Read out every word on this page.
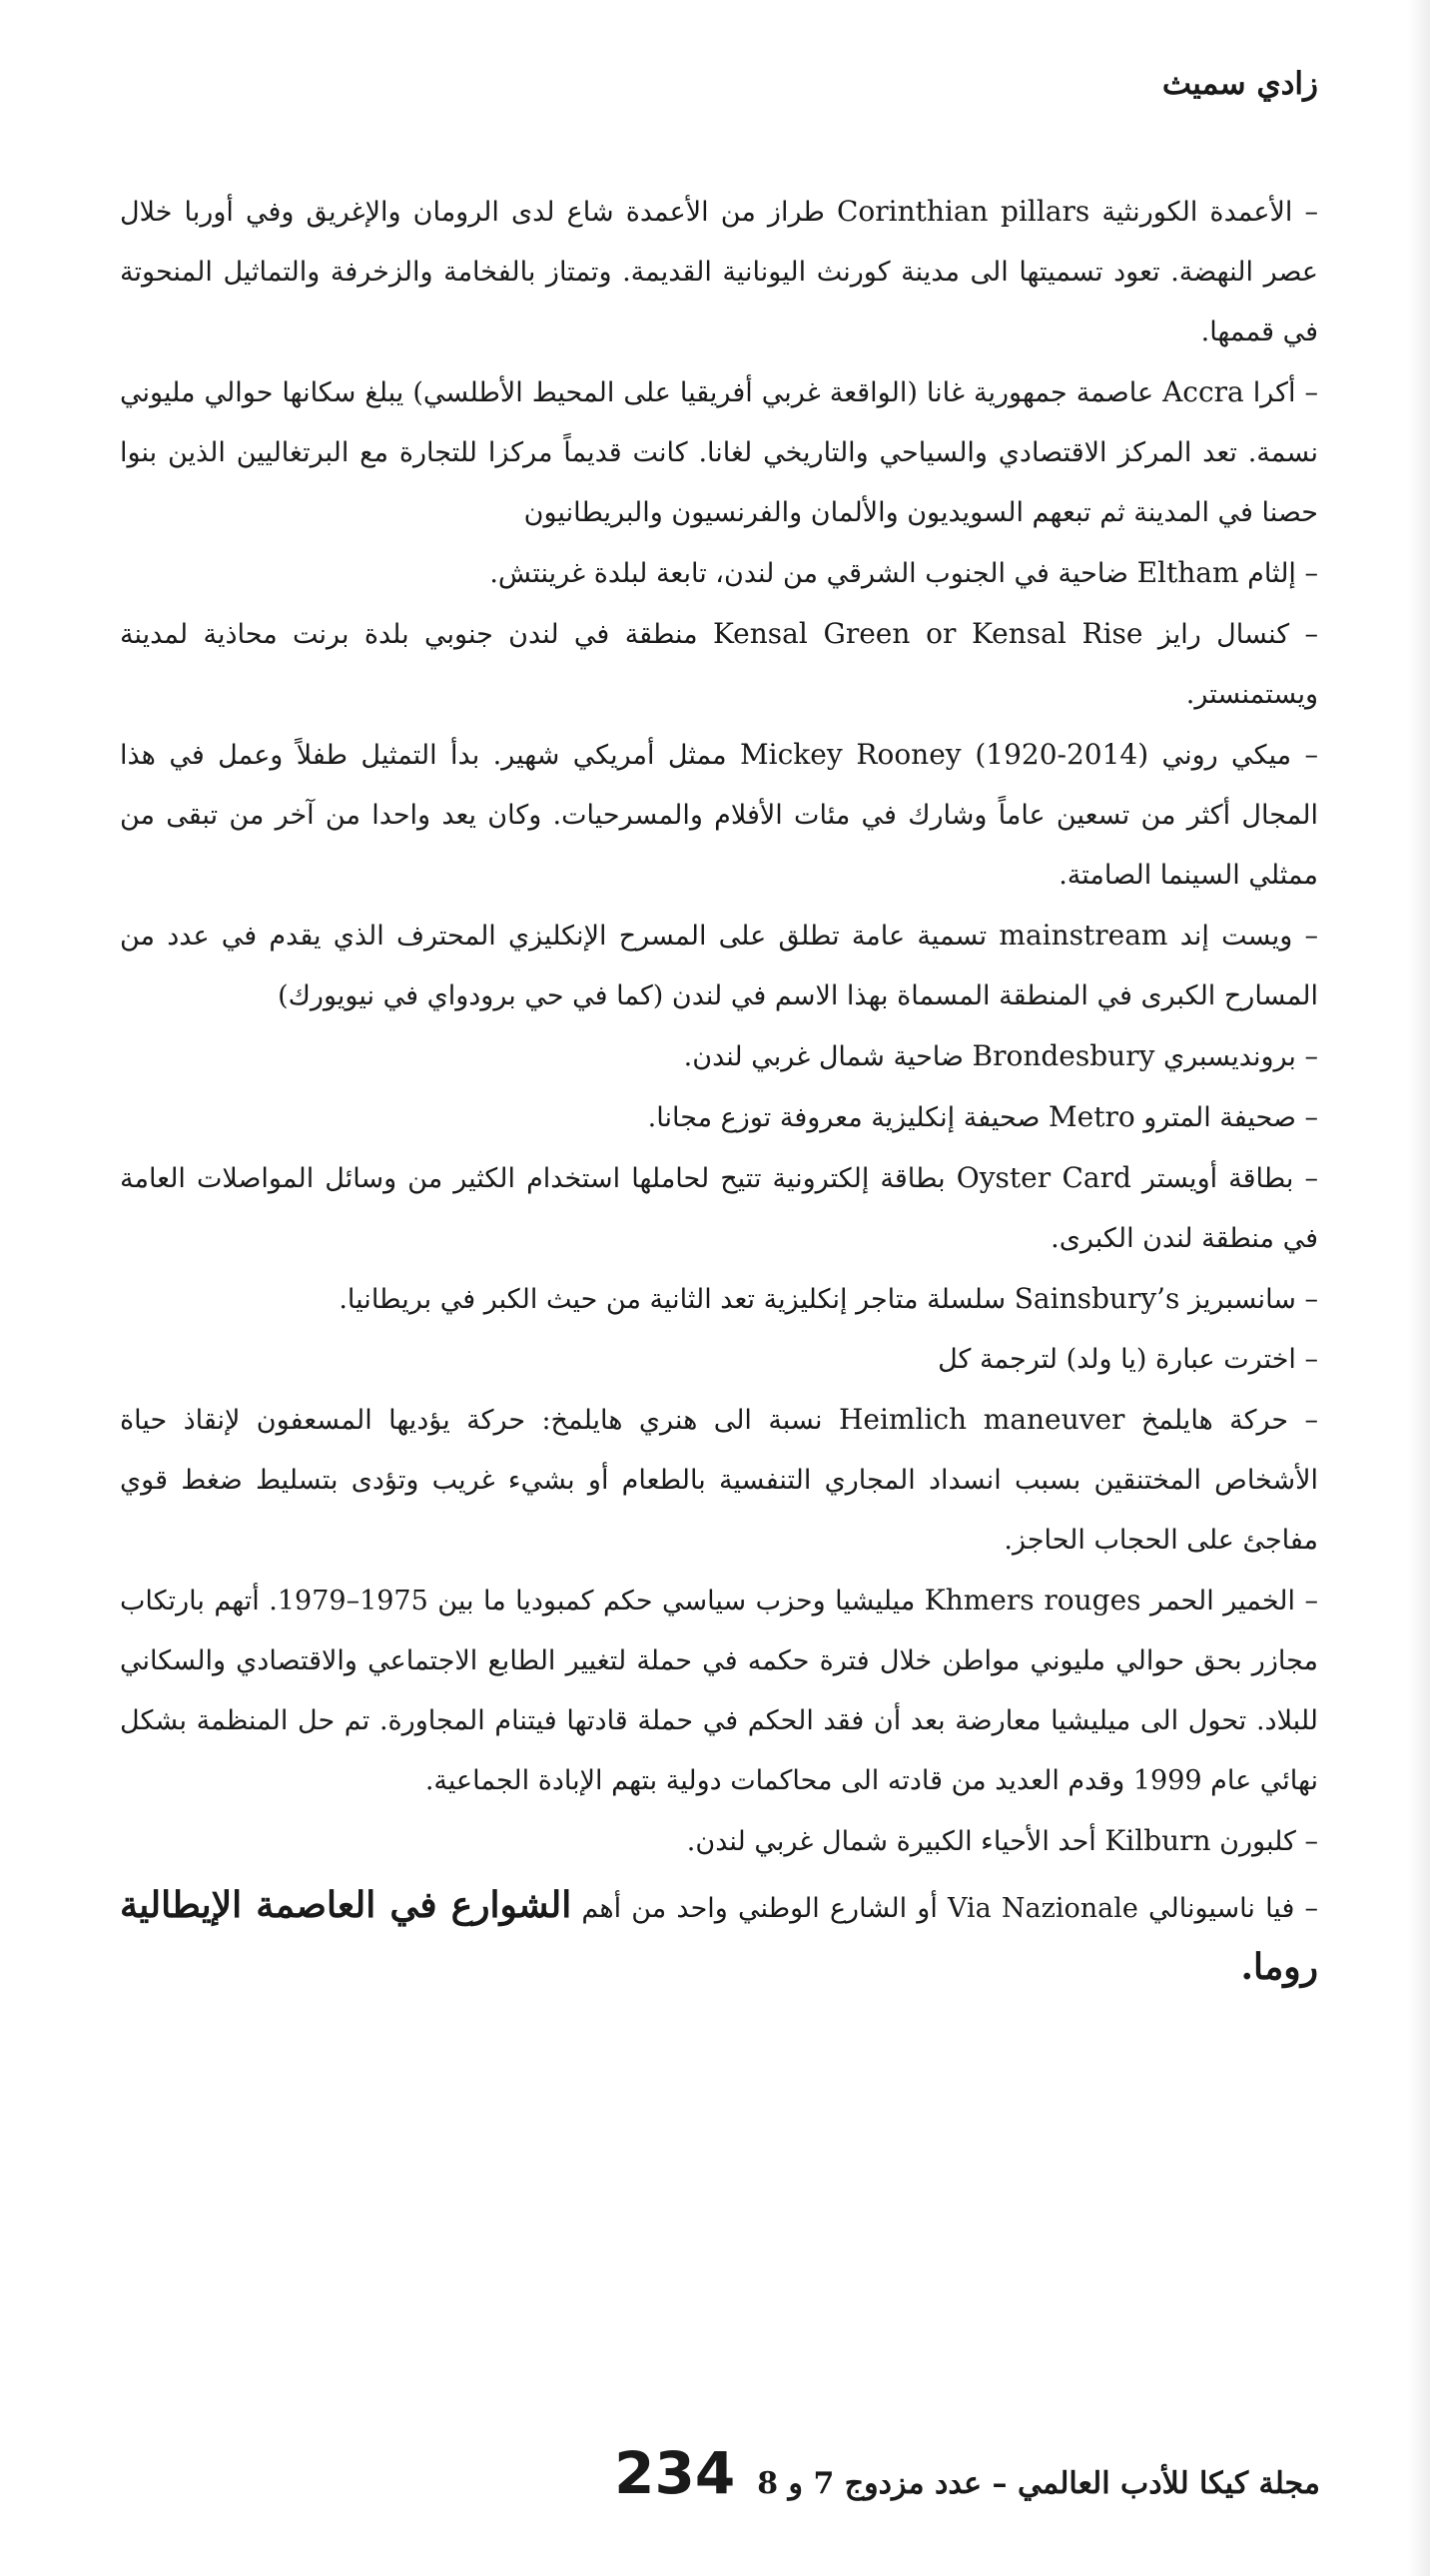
زادي سميث

– الأعمدة الكورنثية Corinthian pillars طراز من الأعمدة شاع لدى الرومان والإغريق وفي أوربا خلال عصر النهضة. تعود تسميتها الى مدينة كورنث اليونانية القديمة. وتمتاز بالفخامة والزخرفة والتماثيل المنحوتة في قممها.

– أكرا Accra عاصمة جمهورية غانا (الواقعة غربي أفريقيا على المحيط الأطلسي) يبلغ سكانها حوالي مليوني نسمة. تعد المركز الاقتصادي والسياحي والتاريخي لغانا. كانت قديماً مركزا للتجارة مع البرتغاليين الذين بنوا حصنا في المدينة ثم تبعهم السويديون والألمان والفرنسيون والبريطانيون

– إلثام Eltham ضاحية في الجنوب الشرقي من لندن، تابعة لبلدة غرينتش.

– كنسال رايز Kensal Green or Kensal Rise منطقة في لندن جنوبي بلدة برنت محاذية لمدينة ويستمنستر.

– ميكي روني Mickey Rooney (1920-2014) ممثل أمريكي شهير. بدأ التمثيل طفلاً وعمل في هذا المجال أكثر من تسعين عاماً وشارك في مئات الأفلام والمسرحيات. وكان يعد واحدا من آخر من تبقى من ممثلي السينما الصامتة.

– ويست إند mainstream تسمية عامة تطلق على المسرح الإنكليزي المحترف الذي يقدم في عدد من المسارح الكبرى في المنطقة المسماة بهذا الاسم في لندن (كما في حي برودواي في نيويورك)

– برونديسبري Brondesbury ضاحية شمال غربي لندن.

– صحيفة المترو Metro صحيفة إنكليزية معروفة توزع مجانا.

– بطاقة أويستر Oyster Card بطاقة إلكترونية تتيح لحاملها استخدام الكثير من وسائل المواصلات العامة في منطقة لندن الكبرى.

– سانسبريز Sainsbury’s سلسلة متاجر إنكليزية تعد الثانية من حيث الكبر في بريطانيا.

– اخترت عبارة (يا ولد) لترجمة كل

– حركة هايلمخ Heimlich maneuver نسبة الى هنري هايلمخ: حركة يؤديها المسعفون لإنقاذ حياة الأشخاص المختنقين بسبب انسداد المجاري التنفسية بالطعام أو بشيء غريب وتؤدى بتسليط ضغط قوي مفاجئ على الحجاب الحاجز.

– الخمير الحمر Khmers rouges ميليشيا وحزب سياسي حكم كمبوديا ما بين 1975–1979. أتهم بارتكاب مجازر بحق حوالي مليوني مواطن خلال فترة حكمه في حملة لتغيير الطابع الاجتماعي والاقتصادي والسكاني للبلاد. تحول الى ميليشيا معارضة بعد أن فقد الحكم في حملة قادتها فيتنام المجاورة. تم حل المنظمة بشكل نهائي عام 1999 وقدم العديد من قادته الى محاكمات دولية بتهم الإبادة الجماعية.

– كلبورن Kilburn أحد الأحياء الكبيرة شمال غربي لندن.

– فيا ناسيونالي Via Nazionale أو الشارع الوطني واحد من أهم الشوارع في العاصمة الإيطالية روما.

مجلة كيكا للأدب العالمي – عدد مزدوج 7 و 8
234
